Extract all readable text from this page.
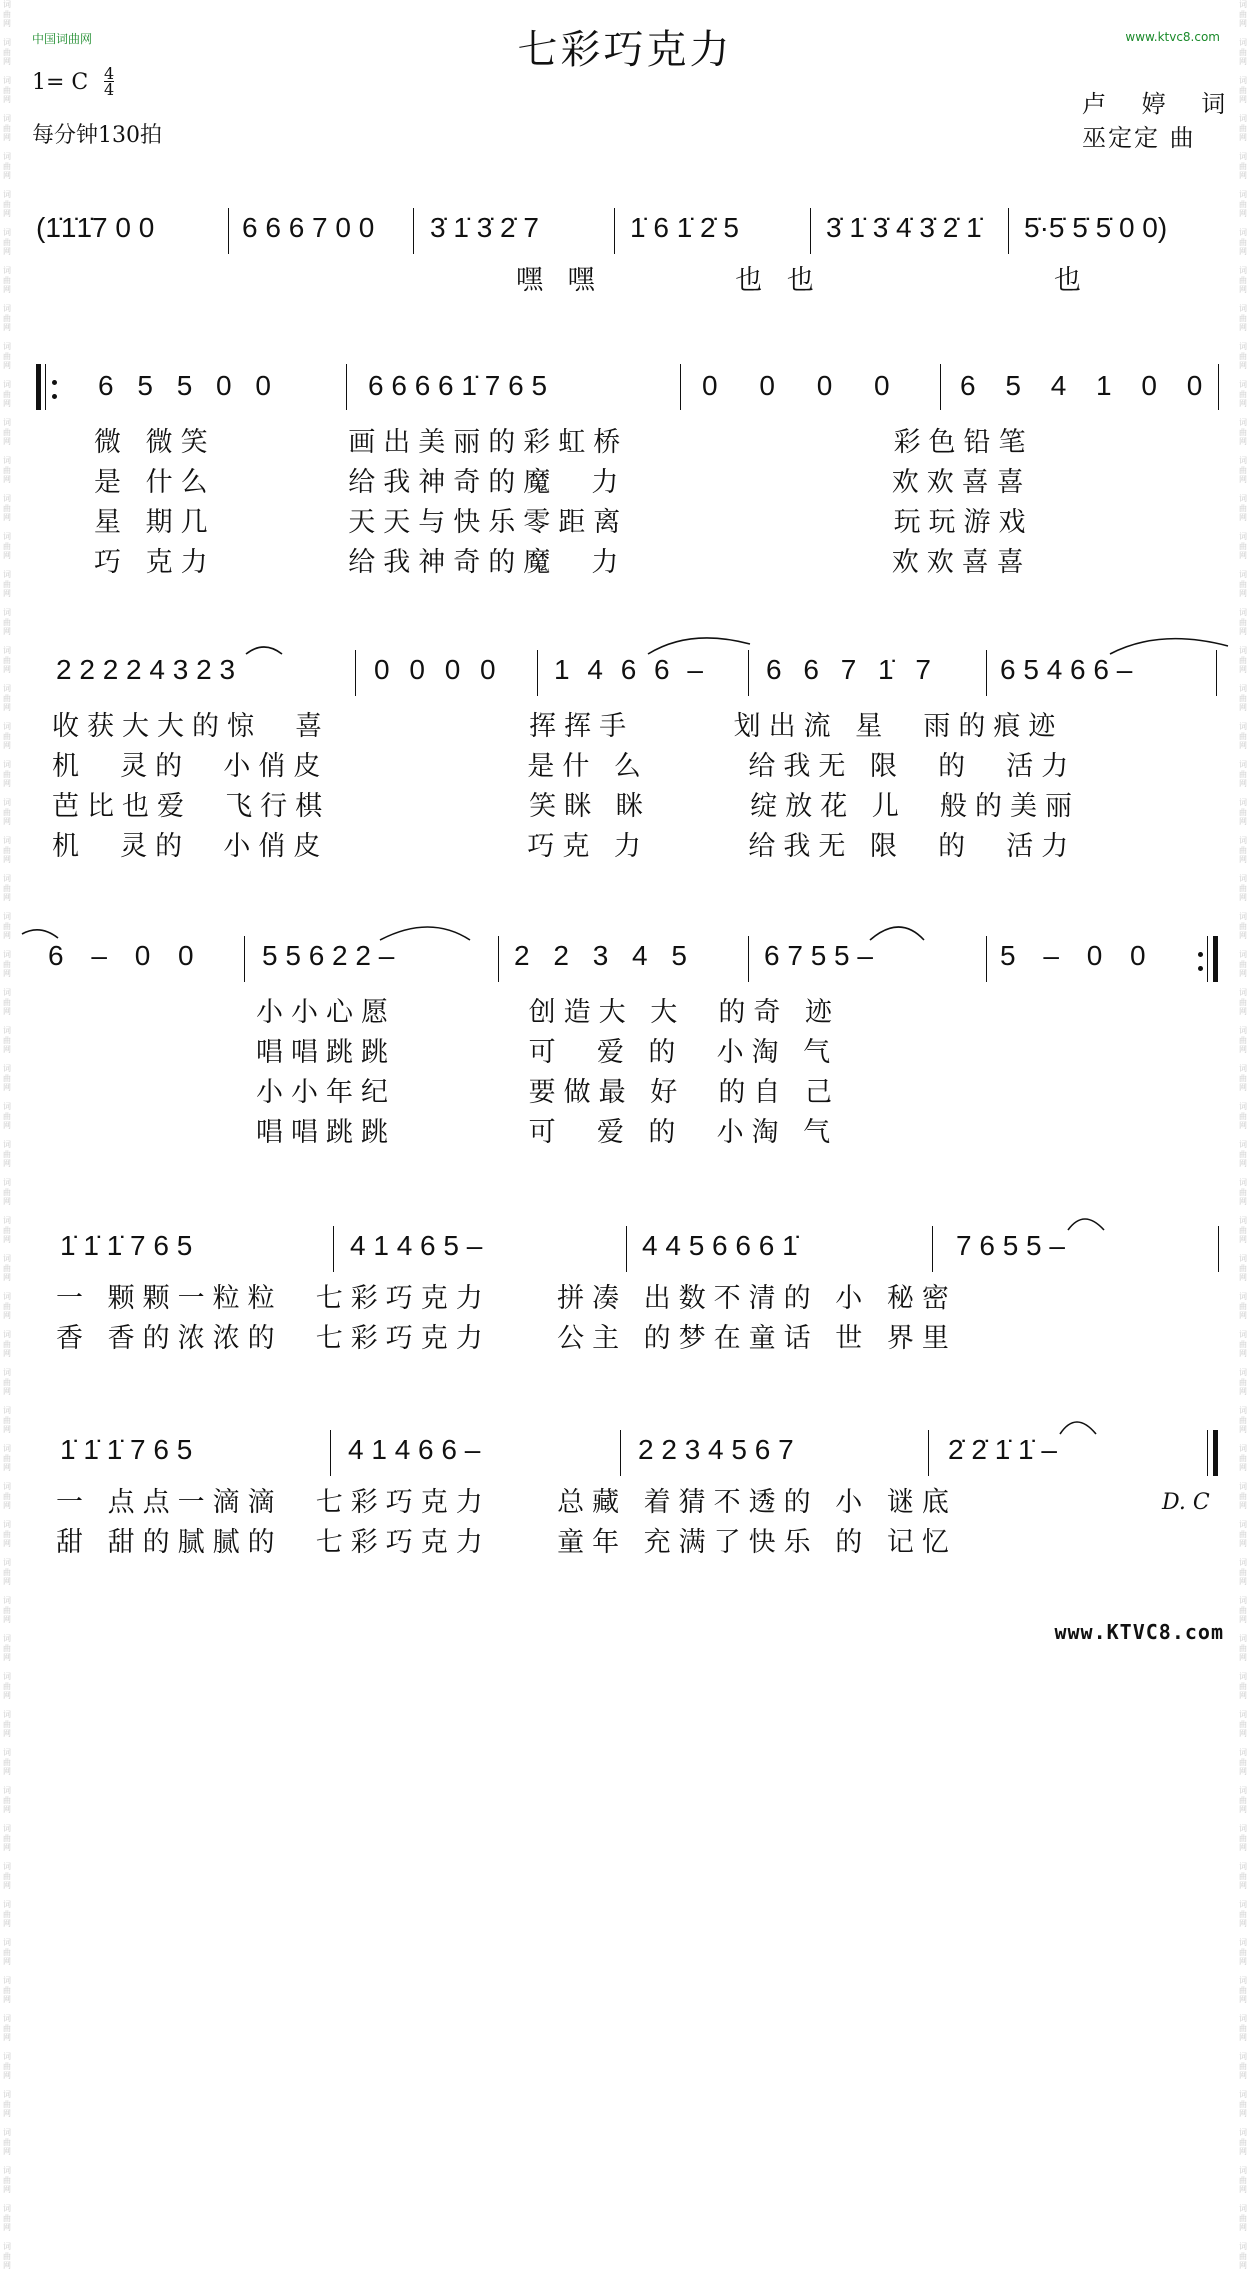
词
曲
网

词
曲
网

词
曲
网

词
曲
网

词
曲
网

词
曲
网

词
曲
网

词
曲
网

词
曲
网

词
曲
网

词
曲
网

词
曲
网

词
曲
网

词
曲
网

词
曲
网

词
曲
网

词
曲
网

词
曲
网

词
曲
网

词
曲
网

词
曲
网

词
曲
网

词
曲
网

词
曲
网

词
曲
网

词
曲
网

词
曲
网

词
曲
网

词
曲
网

词
曲
网

词
曲
网

词
曲
网

词
曲
网

词
曲
网

词
曲
网

词
曲
网

词
曲
网

词
曲
网

词
曲
网

词
曲
网

词
曲
网

词
曲
网

词
曲
网

词
曲
网

词
曲
网

词
曲
网

词
曲
网

词
曲
网

词
曲
网

词
曲
网

词
曲
网

词
曲
网

词
曲
网

词
曲
网

词
曲
网

词
曲
网

词
曲
网

词
曲
网

词
曲
网

词
曲
网

词
曲
网

词
曲
网

词
曲
网

词
曲
网

词
曲
网

词
曲
网

词
曲
网

词
曲
网

词
曲
网

词
曲
网

词
曲
网

词
曲
网

词
曲
网

词
曲
网

词
曲
网

词
曲
网

词
曲
网

词
曲
网

词
曲
网

词
曲
网

词
曲
网

词
曲
网

词
曲
网

词
曲
网

词
曲
网

词
曲
网

词
曲
网

词
曲
网

词
曲
网

词
曲
网

词
曲
网

词
曲
网

词
曲
网

词
曲
网

词
曲
网

词
曲
网

词
曲
网

词
曲
网

词
曲
网

词
曲
网

词
曲
网

词
曲
网

词
曲
网

词
曲
网

词
曲
网

词
曲
网

词
曲
网

词
曲
网

词
曲
网

词
曲
网

词
曲
网

词
曲
网

词
曲
网

词
曲
网

词
曲
网

词
曲
网

词
曲
网

词
曲
网

词
曲
网

词
曲
网

中国词曲网	www.ktvc8.com
七彩巧克力
1= C 4
4
每分钟130拍
卢 婷 词
巫定定 曲
(1̇1̇1̇7 0 0	6 6 6 7 0 0 3̇ 1̇ 3̇ 2̇ 7	1̇ 6 1̇ 2̇ 5	3̇ 1̇ 3̇ 4̇ 3̇ 2̇ 1̇ 5̇·5̇ 5̇ 5̇ 0 0)
嘿 嘿        也 也              也
6 5 5 0 0	6 6 6 6 1̇ 7 6 5	0 0 0 0	6 5 4 1 0 0
微 微笑        画出美丽的彩虹桥                彩色铅笔
是 什么        给我神奇的魔  力                欢欢喜喜
星 期几        天天与快乐零距离                玩玩游戏
巧 克力        给我神奇的魔  力                欢欢喜喜
2 2 2 2 4 3 2 3	0 0 0 0 1 4 6 6 – 6 6 7 1̇ 7 6 5 4 6 6 –
收获大大的惊  喜            挥挥手      划出流 星  雨的痕迹
机  灵的  小俏皮            是什 么      给我无 限  的  活力
芭比也爱  飞行棋            笑眯 眯      绽放花 儿  般的美丽
机  灵的  小俏皮            巧克 力      给我无 限  的  活力
6 – 0 0 5 5 6 2 2 –	2 2 3 4 5	6 7 5 5 –	5 – 0 0
小小心愿        创造大 大  的奇 迹
唱唱跳跳        可  爱 的  小淘 气
小小年纪        要做最 好  的自 己
唱唱跳跳        可  爱 的  小淘 气
1̇ 1̇ 1̇ 7 6 5	4 1 4 6 5 –	4 4 5 6 6 6 1̇	7 6 5 5 –
一 颗颗一粒粒  七彩巧克力    拼凑 出数不清的 小 秘密
香 香的浓浓的  七彩巧克力    公主 的梦在童话 世 界里
1̇ 1̇ 1̇ 7 6 5	4 1 4 6 6 –	2 2 3 4 5 6 7	2̇ 2̇ 1̇ 1̇ –
一 点点一滴滴  七彩巧克力    总藏 着猜不透的 小 谜底
甜 甜的腻腻的  七彩巧克力    童年 充满了快乐 的 记忆
D. C
www.KTVC8.com
